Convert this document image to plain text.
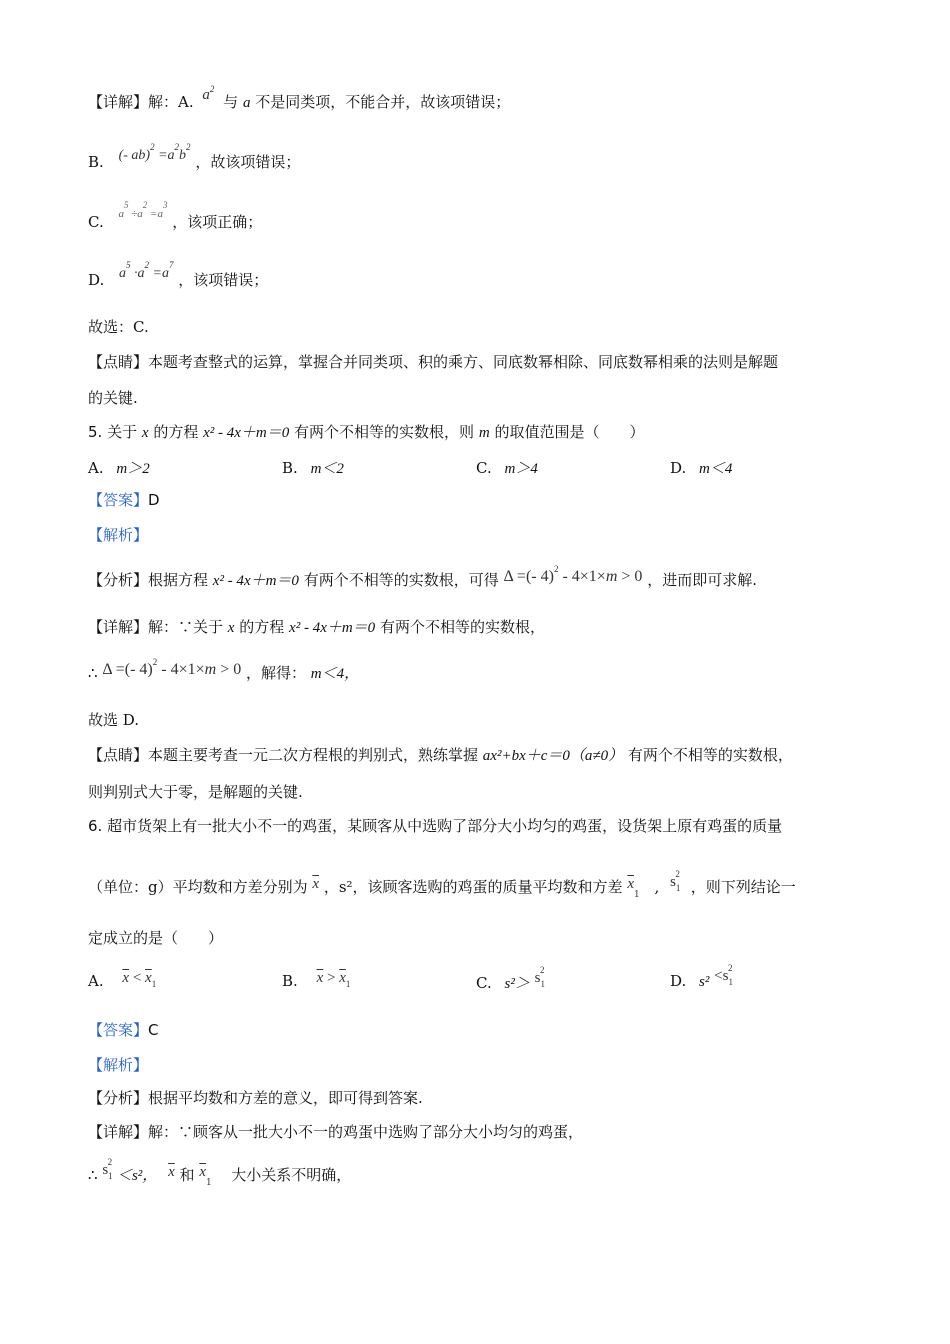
【详解】解：A. $a^2$ 与 a 不是同类项，不能合并，故该项错误；
B. (- $ab)^2 =a^2b^2$ ，故该项错误；
C. $^{a^5 \div a^2 =a^3}$ ，该项正确；
D. $a^5 \cdot a^2 =a^7$ ，该项错误；
故选：C.
【点睛】本题考查整式的运算，掌握合并同类项、积的乘方、同底数幂相除、同底数幂相乘的法则是解题
的关键.
5. 关于 x 的方程 x² - 4x＋m＝0 有两个不相等的实数根，则 m 的取值范围是（　　）
A. m＞2	B. m＜2	C. m＞4	D. m＜4
【答案】D
【解析】
【分析】根据方程 x² - 4x＋m＝0 有两个不相等的实数根，可得 Δ =(- 4)$^2$ - 4×1×m > 0 ，进而即可求解.
【详解】解：∵关于 x 的方程 x² - 4x＋m＝0 有两个不相等的实数根，
∴ Δ =(- 4)$^2$ - 4×1×m > 0 ，解得： m＜4，
故选 D.
【点睛】本题主要考查一元二次方程根的判别式，熟练掌握 ax²+bx＋c＝0（a≠0） 有两个不相等的实数根，
则判别式大于零，是解题的关键.
6. 超市货架上有一批大小不一的鸡蛋，某顾客从中选购了部分大小均匀的鸡蛋，设货架上原有鸡蛋的质量
（单位：g）平均数和方差分别为 $\overline{x}$ ，s²，该顾客选购的鸡蛋的质量平均数和方差 $\overline{x}_1$ , $s_1^2$ ，则下列结论一
定成立的是（　　）
A. $\overline{x} < \overline{x}_1$	B. $\overline{x} > \overline{x}_1$	C. $s^2> s_1^2$
D. $s^2 <s_1^2$
【答案】C
【解析】
【分析】根据平均数和方差的意义，即可得到答案.
【详解】解：∵顾客从一批大小不一的鸡蛋中选购了部分大小均匀的鸡蛋，
∴ $s_1^2 <s^2$， $\overline{x}$ 和 $\overline{x}_1$ 大小关系不明确，
